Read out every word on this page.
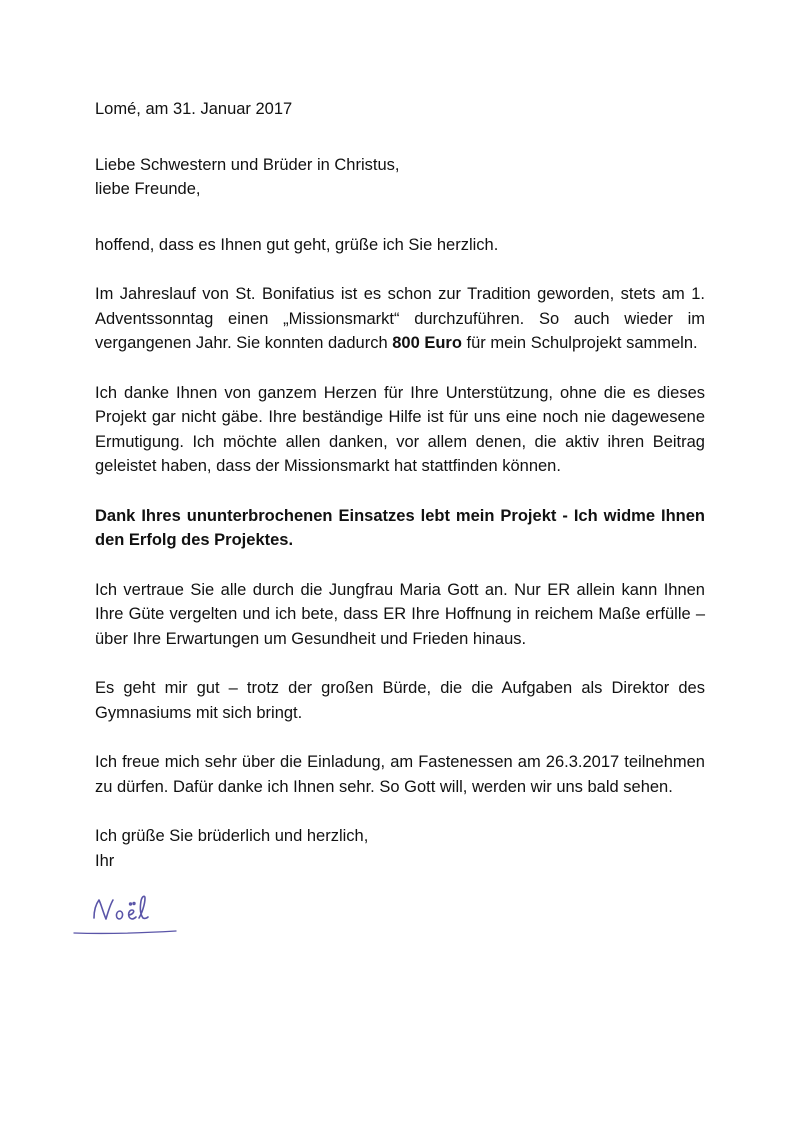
Lomé, am 31. Januar 2017

Liebe Schwestern und Brüder in Christus,
liebe Freunde,

hoffend, dass es Ihnen gut geht, grüße ich Sie herzlich.

Im Jahreslauf von St. Bonifatius ist es schon zur Tradition geworden, stets am 1. Adventssonntag einen „Missionsmarkt“ durchzuführen. So auch wieder im vergangenen Jahr. Sie konnten dadurch 800 Euro für mein Schulprojekt sammeln.

Ich danke Ihnen von ganzem Herzen für Ihre Unterstützung, ohne die es dieses Projekt gar nicht gäbe. Ihre beständige Hilfe ist für uns eine noch nie dagewesene Ermutigung. Ich möchte allen danken, vor allem denen, die aktiv ihren Beitrag geleistet haben, dass der Missionsmarkt hat stattfinden können.

Dank Ihres ununterbrochenen Einsatzes lebt mein Projekt - Ich widme Ihnen den Erfolg des Projektes.

Ich vertraue Sie alle durch die Jungfrau Maria Gott an. Nur ER allein kann Ihnen Ihre Güte vergelten und ich bete, dass ER Ihre Hoffnung in reichem Maße erfülle – über Ihre Erwartungen um Gesundheit und Frieden hinaus.

Es geht mir gut – trotz der großen Bürde, die die Aufgaben als Direktor des Gymnasiums mit sich bringt.

Ich freue mich sehr über die Einladung, am Fastenessen am 26.3.2017 teilnehmen zu dürfen. Dafür danke ich Ihnen sehr. So Gott will, werden wir uns bald sehen.

Ich grüße Sie brüderlich und herzlich,
Ihr
